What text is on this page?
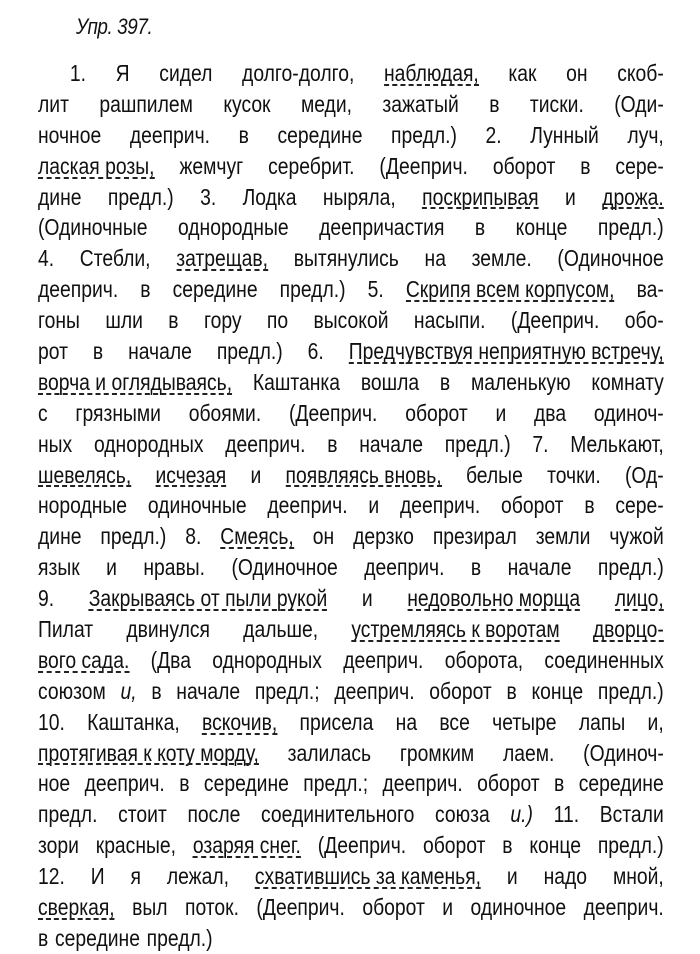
Упр. 397.
1. Я сидел долго-долго, наблюдая, как он скоб-
лит рашпилем кусок меди, зажатый в тиски. (Оди-
ночное дееприч. в середине предл.) 2. Лунный луч,
лаская розы, жемчуг серебрит. (Дееприч. оборот в сере-
дине предл.) 3. Лодка ныряла, поскрипывая и дрожа.
(Одиночные однородные деепричастия в конце предл.)
4. Стебли, затрещав, вытянулись на земле. (Одиночное
дееприч. в середине предл.) 5. Скрипя всем корпусом, ва-
гоны шли в гору по высокой насыпи. (Дееприч. обо-
рот в начале предл.) 6. Предчувствуя неприятную встречу,
ворча и оглядываясь, Каштанка вошла в маленькую комнату
с грязными обоями. (Дееприч. оборот и два одиноч-
ных однородных дееприч. в начале предл.) 7. Мелькают,
шевелясь, исчезая и появляясь вновь, белые точки. (Од-
нородные одиночные дееприч. и дееприч. оборот в сере-
дине предл.) 8. Смеясь, он дерзко презирал земли чужой
язык и нравы. (Одиночное дееприч. в начале предл.)
9. Закрываясь от пыли рукой и недовольно морща лицо,
Пилат двинулся дальше, устремляясь к воротам дворцо-
вого сада. (Два однородных дееприч. оборота, соединенных
союзом и, в начале предл.; дееприч. оборот в конце предл.)
10. Каштанка, вскочив, присела на все четыре лапы и,
протягивая к коту морду, залилась громким лаем. (Одиноч-
ное дееприч. в середине предл.; дееприч. оборот в середине
предл. стоит после соединительного союза и.) 11. Встали
зори красные, озаряя снег. (Дееприч. оборот в конце предл.)
12. И я лежал, схватившись за каменья, и надо мной,
сверкая, выл поток. (Дееприч. оборот и одиночное дееприч.
в середине предл.)
